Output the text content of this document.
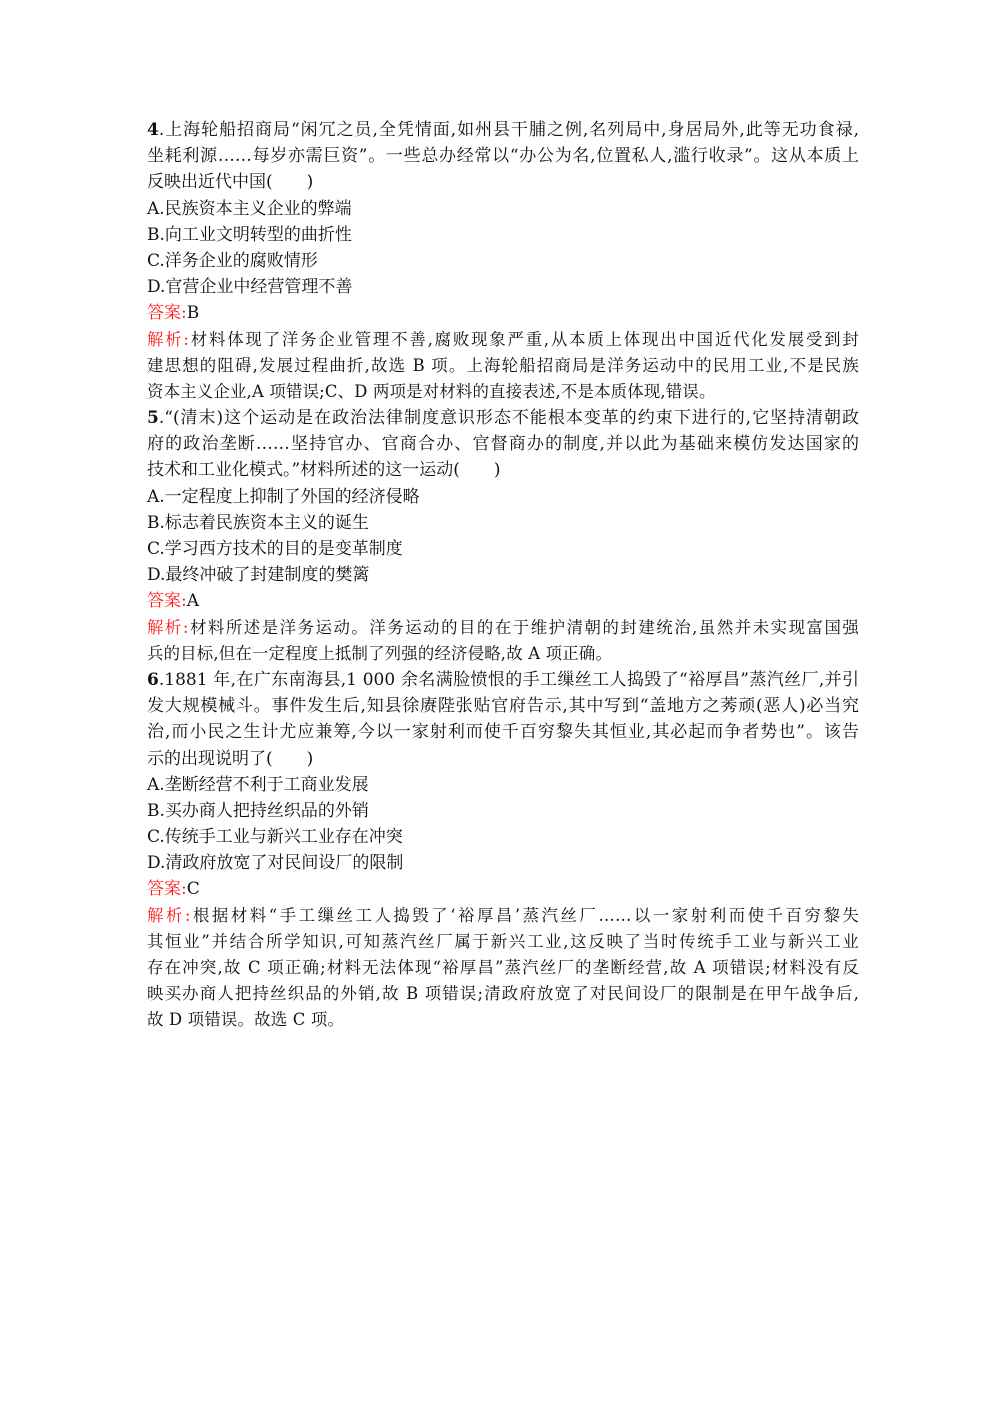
4.上海轮船招商局“闲冗之员,全凭情面,如州县干脯之例,名列局中,身居局外,此等无功食禄,
坐耗利源……每岁亦需巨资”。一些总办经常以“办公为名,位置私人,滥行收录”。这从本质上
反映出近代中国(　　)
A.民族资本主义企业的弊端
B.向工业文明转型的曲折性
C.洋务企业的腐败情形
D.官营企业中经营管理不善
答案:B
解析:材料体现了洋务企业管理不善,腐败现象严重,从本质上体现出中国近代化发展受到封
建思想的阻碍,发展过程曲折,故选 B 项。上海轮船招商局是洋务运动中的民用工业,不是民族
资本主义企业,A 项错误;C、D 两项是对材料的直接表述,不是本质体现,错误。
5.“(清末)这个运动是在政治法律制度意识形态不能根本变革的约束下进行的,它坚持清朝政
府的政治垄断……坚持官办、官商合办、官督商办的制度,并以此为基础来模仿发达国家的
技术和工业化模式。”材料所述的这一运动(　　)
A.一定程度上抑制了外国的经济侵略
B.标志着民族资本主义的诞生
C.学习西方技术的目的是变革制度
D.最终冲破了封建制度的樊篱
答案:A
解析:材料所述是洋务运动。洋务运动的目的在于维护清朝的封建统治,虽然并未实现富国强
兵的目标,但在一定程度上抵制了列强的经济侵略,故 A 项正确。
6.1881 年,在广东南海县,1 000 余名满脸愤恨的手工缫丝工人捣毁了“裕厚昌”蒸汽丝厂,并引
发大规模械斗。事件发生后,知县徐赓陛张贴官府告示,其中写到“盖地方之莠顽(恶人)必当究
治,而小民之生计尤应兼筹,今以一家射利而使千百穷黎失其恒业,其必起而争者势也”。该告
示的出现说明了(　　)
A.垄断经营不利于工商业发展
B.买办商人把持丝织品的外销
C.传统手工业与新兴工业存在冲突
D.清政府放宽了对民间设厂的限制
答案:C
解析:根据材料“手工缫丝工人捣毁了‘裕厚昌’蒸汽丝厂……以一家射利而使千百穷黎失
其恒业”并结合所学知识,可知蒸汽丝厂属于新兴工业,这反映了当时传统手工业与新兴工业
存在冲突,故 C 项正确;材料无法体现“裕厚昌”蒸汽丝厂的垄断经营,故 A 项错误;材料没有反
映买办商人把持丝织品的外销,故 B 项错误;清政府放宽了对民间设厂的限制是在甲午战争后,
故 D 项错误。故选 C 项。
